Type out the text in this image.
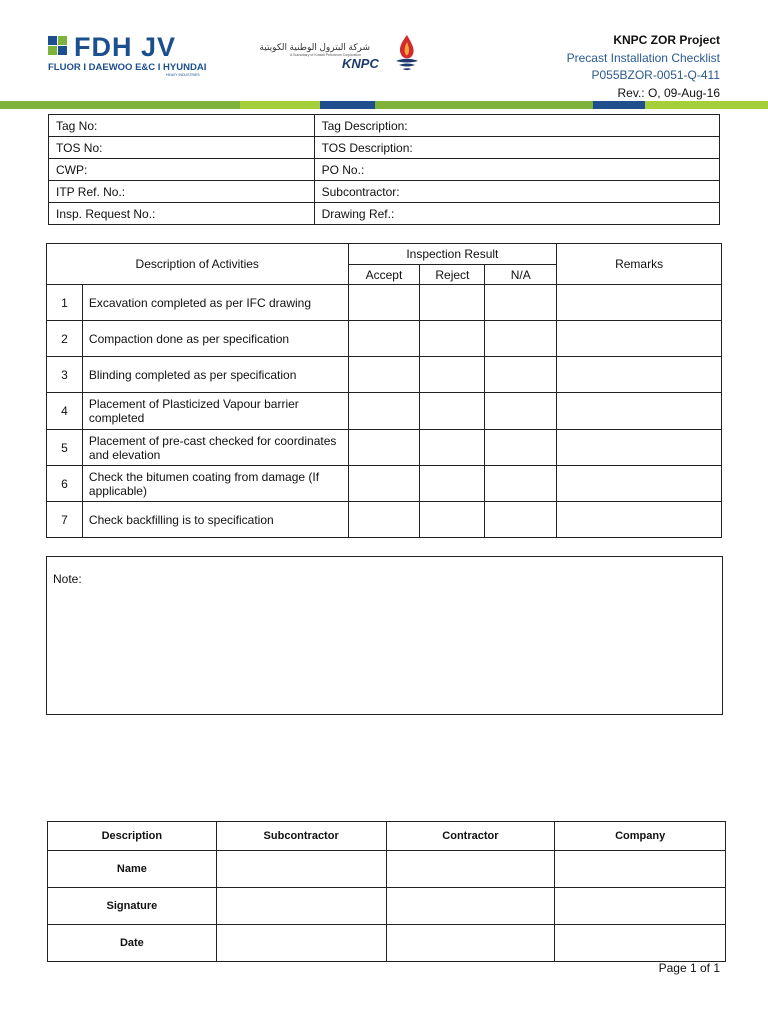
FDH JV
FLUOR I DAEWOO E&C I HYUNDAI
HEAVY INDUSTRIES
شركة البترول الوطنية الكويتية
A Subsidiary of Kuwait Petroleum Corporation
KNPC
KNPC ZOR Project
Precast Installation Checklist
P055BZOR-0051-Q-411
Rev.: O, 09-Aug-16
Tag No:	Tag Description:
TOS No:	TOS Description:
CWP:	PO No.:
ITP Ref. No.:	Subcontractor:
Insp. Request No.:	Drawing Ref.:
Description of Activities		Inspection Result			Remarks
		Accept	Reject	N/A	
1	Excavation completed as per IFC drawing				
2	Compaction done as per specification				
3	Blinding completed as per specification				
4	Placement of Plasticized Vapour barrier completed				
5	Placement of pre-cast checked for coordinates and elevation				
6	Check the bitumen coating from damage (If applicable)				
7	Check backfilling is to specification				
Note:
Description	Subcontractor	Contractor	Company
Name			
Signature			
Date			
Page 1 of 1
